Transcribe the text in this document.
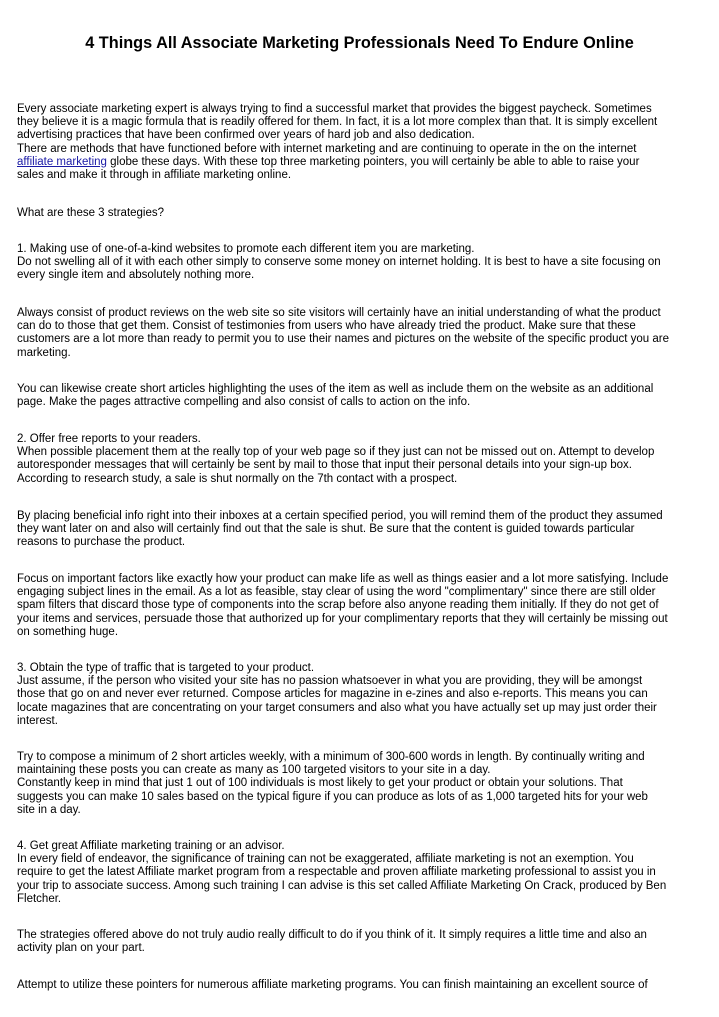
4 Things All Associate Marketing Professionals Need To Endure Online
Every associate marketing expert is always trying to find a successful market that provides the biggest paycheck. Sometimes
they believe it is a magic formula that is readily offered for them. In fact, it is a lot more complex than that. It is simply excellent
advertising practices that have been confirmed over years of hard job and also dedication.
There are methods that have functioned before with internet marketing and are continuing to operate in the on the internet
affiliate marketing globe these days. With these top three marketing pointers, you will certainly be able to able to raise your
sales and make it through in affiliate marketing online.
What are these 3 strategies?
1. Making use of one-of-a-kind websites to promote each different item you are marketing.
Do not swelling all of it with each other simply to conserve some money on internet holding. It is best to have a site focusing on
every single item and absolutely nothing more.
Always consist of product reviews on the web site so site visitors will certainly have an initial understanding of what the product
can do to those that get them. Consist of testimonies from users who have already tried the product. Make sure that these
customers are a lot more than ready to permit you to use their names and pictures on the website of the specific product you are
marketing.
You can likewise create short articles highlighting the uses of the item as well as include them on the website as an additional
page. Make the pages attractive compelling and also consist of calls to action on the info.
2. Offer free reports to your readers.
When possible placement them at the really top of your web page so if they just can not be missed out on. Attempt to develop
autoresponder messages that will certainly be sent by mail to those that input their personal details into your sign-up box.
According to research study, a sale is shut normally on the 7th contact with a prospect.
By placing beneficial info right into their inboxes at a certain specified period, you will remind them of the product they assumed
they want later on and also will certainly find out that the sale is shut. Be sure that the content is guided towards particular
reasons to purchase the product.
Focus on important factors like exactly how your product can make life as well as things easier and a lot more satisfying. Include
engaging subject lines in the email. As a lot as feasible, stay clear of using the word "complimentary" since there are still older
spam filters that discard those type of components into the scrap before also anyone reading them initially. If they do not get of
your items and services, persuade those that authorized up for your complimentary reports that they will certainly be missing out
on something huge.
3. Obtain the type of traffic that is targeted to your product.
Just assume, if the person who visited your site has no passion whatsoever in what you are providing, they will be amongst
those that go on and never ever returned. Compose articles for magazine in e-zines and also e-reports. This means you can
locate magazines that are concentrating on your target consumers and also what you have actually set up may just order their
interest.
Try to compose a minimum of 2 short articles weekly, with a minimum of 300-600 words in length. By continually writing and
maintaining these posts you can create as many as 100 targeted visitors to your site in a day.
Constantly keep in mind that just 1 out of 100 individuals is most likely to get your product or obtain your solutions. That
suggests you can make 10 sales based on the typical figure if you can produce as lots of as 1,000 targeted hits for your web
site in a day.
4. Get great Affiliate marketing training or an advisor.
In every field of endeavor, the significance of training can not be exaggerated, affiliate marketing is not an exemption. You
require to get the latest Affiliate market program from a respectable and proven affiliate marketing professional to assist you in
your trip to associate success. Among such training I can advise is this set called Affiliate Marketing On Crack, produced by Ben
Fletcher.
The strategies offered above do not truly audio really difficult to do if you think of it. It simply requires a little time and also an
activity plan on your part.
Attempt to utilize these pointers for numerous affiliate marketing programs. You can finish maintaining an excellent source of
